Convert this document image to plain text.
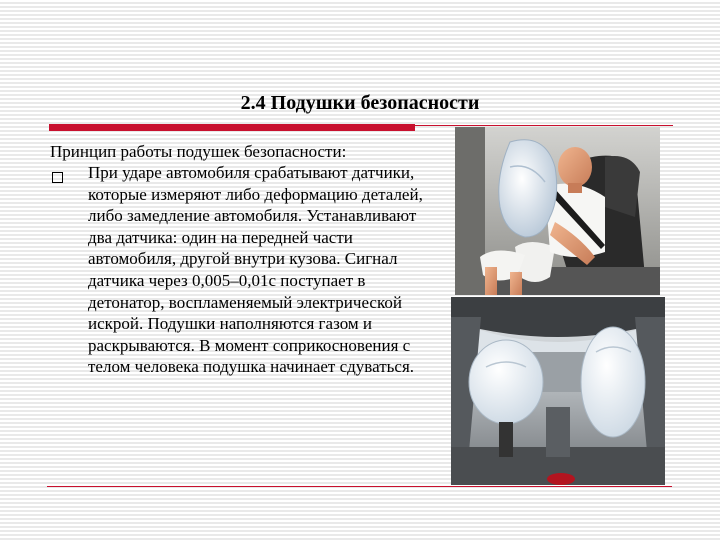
2.4 Подушки безопасности

Принцип работы подушек безопасности:

При ударе автомобиля срабатывают датчики, которые измеряют либо деформацию деталей, либо замедление автомобиля. Устанавливают два датчика: один на передней части автомобиля, другой внутри кузова. Сигнал датчика через 0,005–0,01с поступает в детонатор, воспламеняемый электрической искрой. Подушки наполняются газом и раскрываются. В момент соприкосновения с телом человека подушка начинает сдуваться.
